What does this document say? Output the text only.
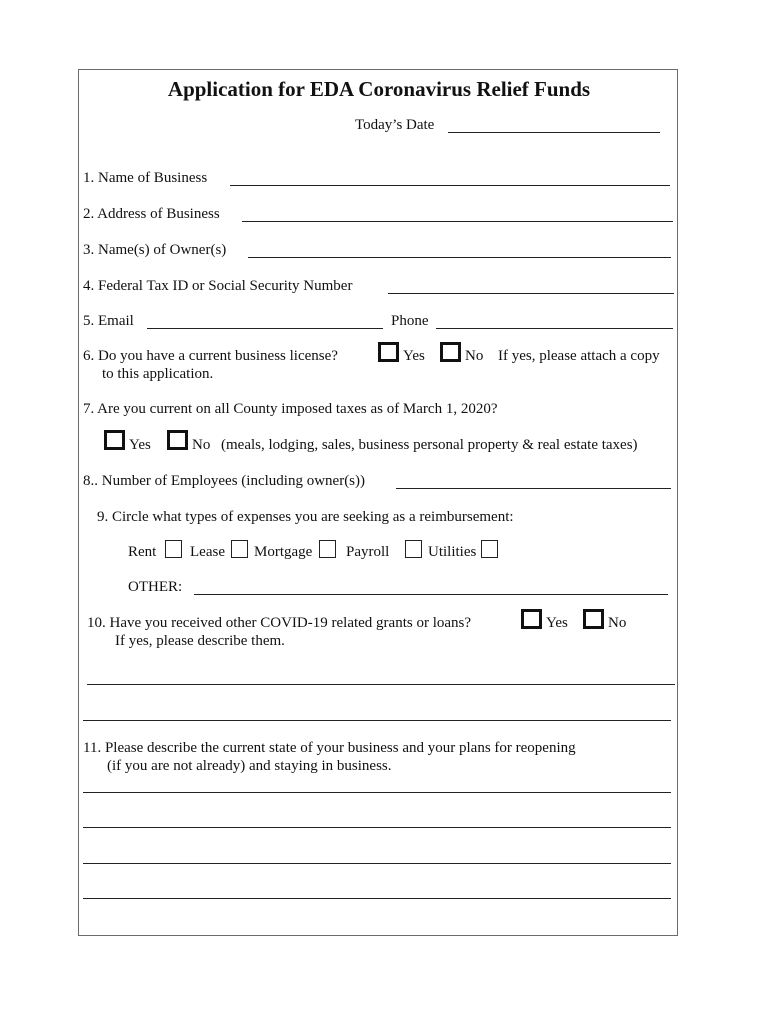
Application for EDA Coronavirus Relief Funds
Today’s Date
1. Name of Business
2. Address of Business
3. Name(s) of Owner(s)
4. Federal Tax ID or Social Security Number
5. Email	Phone
6. Do you have a current business license?	Yes	No If yes, please attach a copy
to this application.
7. Are you current on all County imposed taxes as of March 1, 2020?
Yes	No (meals, lodging, sales, business personal property & real estate taxes)
8.. Number of Employees (including owner(s))
9. Circle what types of expenses you are seeking as a reimbursement:
Rent Lease Mortgage Payroll	Utilities
OTHER:
10. Have you received other COVID-19 related grants or loans?	Yes	No
If yes, please describe them.
11. Please describe the current state of your business and your plans for reopening
(if you are not already) and staying in business.
